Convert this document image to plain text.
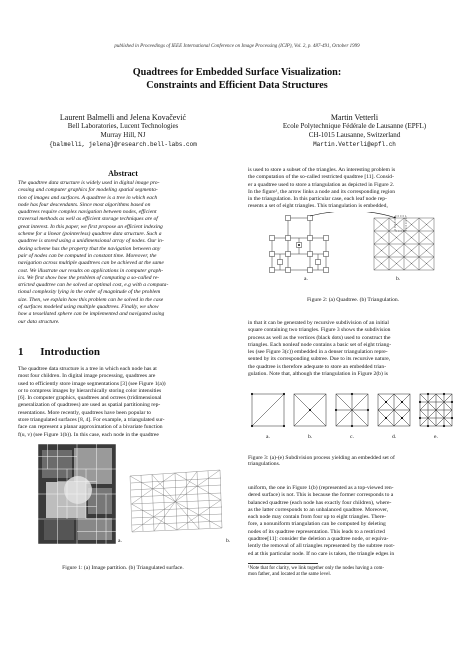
published in Proceedings of IEEE International Conference on Image Processing (ICIP), Vol. 2, p. 487-491, October 1999
Quadtrees for Embedded Surface Visualization:
Constraints and Efficient Data Structures
Laurent Balmelli and Jelena Kovačević
Bell Laboratories, Lucent Technologies
Murray Hill, NJ
{balmelli, jelena}@research.bell-labs.com
Martin Vetterli
Ecole Polytechnique Fédérale de Lausanne (EPFL)
CH-1015 Lausanne, Switzerland
Martin.Vetterli@epfl.ch
Abstract
The quadtree data structure is widely used in digital image pro-
cessing and computer graphics for modeling spatial segmenta-
tion of images and surfaces. A quadtree is a tree in which each
node has four descendants. Since most algorithms based on
quadtrees require complex navigation between nodes, efficient
traversal methods as well as efficient storage techniques are of
great interest. In this paper, we first propose an efficient indexing
scheme for a linear (pointerless) quadtree data structure. Such a
quadtree is stored using a unidimensional array of nodes. Our in-
dexing scheme has the property that the navigation between any
pair of nodes can be computed in constant time. Moreover, the
navigation across multiple quadtrees can be achieved at the same
cost. We illustrate our results on applications in computer graph-
ics. We first show how the problem of computing a so-called re-
stricted quadtree can be solved at optimal cost, e.g with a computa-
tional complexity lying in the order of magnitude of the problem
size. Then, we explain how this problem can be solved in the case
of surfaces modeled using multiple quadtrees. Finally, we show
how a tessellated sphere can be implemented and navigated using
our data structure.
1 Introduction
The quadtree data structure is a tree in which each node has at
most four children. In digital image processing, quadtrees are
used to efficiently store image segmentations [3] (see Figure 1(a))
or to compress images by hierarchically storing color intensities
[6]. In computer graphics, quadtrees and octrees (tridimensional
generalization of quadtrees) are used as spatial partitioning rep-
resentations. More recently, quadtrees have been popular to
store triangulated surfaces [8, 4]. For example, a triangulated sur-
face can represent a planar approximation of a bivariate function
f(u, v) (see Figure 1(b)). In this case, each node in the quadtree
a.	b.
Figure 1: (a) Image partition. (b) Triangulated surface.
is used to store a subset of the triangles. An interesting problem is
the computation of the so-called restricted quadtree [11]. Consid-
er a quadtree used to store a triangulation as depicted in Figure 2.
In the figure¹, the arrow links a node and its corresponding region
in the triangulation. In this particular case, each leaf node rep-
resents a set of eight triangles. This triangulation is embedded,
a.	b.
Figure 2: (a) Quadtree. (b) Triangulation.
in that it can be generated by recursive subdivision of an initial
square containing two triangles. Figure 3 shows the subdivision
process as well as the vertices (black dots) used to construct the
triangles. Each nonleaf node contains a basic set of eight triang-
les (see Figure 3(c)) embedded in a denser triangulation repre-
sented by its corresponding subtree. Due to its recursive nature,
the quadtree is therefore adequate to store an embedded trian-
gulation. Note that, although the triangulation in Figure 2(b) is
a.	b.	c.	d.	e.
Figure 3: (a)-(e) Subdivision process yielding an embedded set of
triangulations.
uniform, the one in Figure 1(b) (represented as a top-viewed ren-
dered surface) is not. This is because the former corresponds to a
balanced quadtree (each node has exactly four children), where-
as the latter corresponds to an unbalanced quadtree. Moreover,
each node may contain from four up to eight triangles. There-
fore, a nonuniform triangulation can be computed by deleting
nodes of its quadtree representation. This leads to a restricted
quadtree[11]: consider the deletion a quadtree node, or equiva-
lently the removal of all triangles represented by the subtree root-
ed at this particular node. If no care is taken, the triangle edges in
¹Note that for clarity, we link together only the nodes having a com-
mon father, and located at the same level.
